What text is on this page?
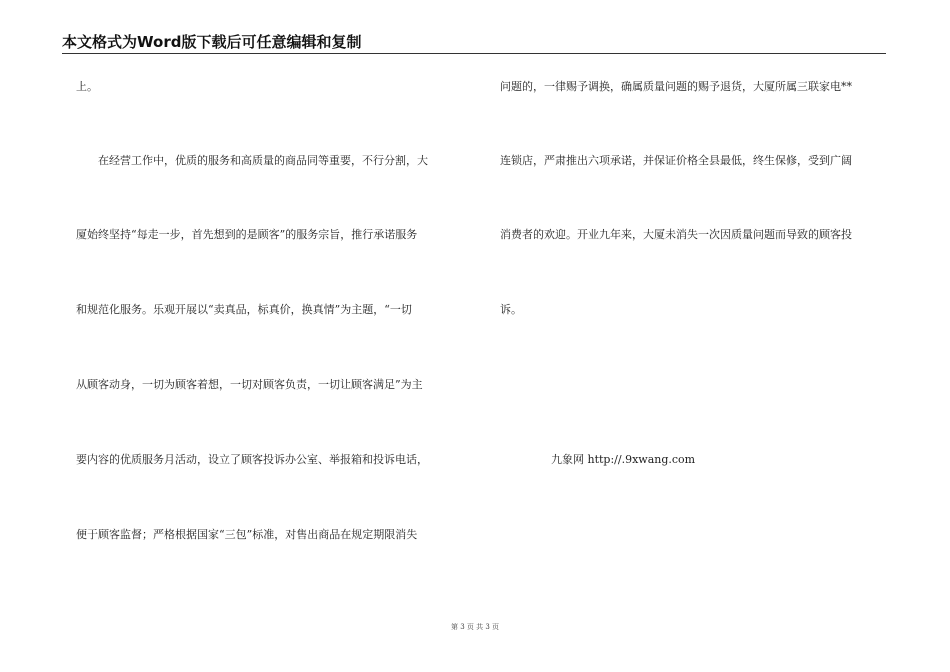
本文格式为Word版下载后可任意编辑和复制
上。
在经营工作中，优质的服务和高质量的商品同等重要，不行分割，大
厦始终坚持“每走一步，首先想到的是顾客”的服务宗旨，推行承诺服务
和规范化服务。乐观开展以“卖真品，标真价，换真情”为主题，“一切
从顾客动身，一切为顾客着想，一切对顾客负责，一切让顾客满足”为主
要内容的优质服务月活动，设立了顾客投诉办公室、举报箱和投诉电话，
便于顾客监督；严格根据国家“三包”标准，对售出商品在规定期限消失
问题的，一律赐予调换，确属质量问题的赐予退货，大厦所属三联家电**
连锁店，严肃推出六项承诺，并保证价格全县最低，终生保修，受到广阔
消费者的欢迎。开业九年来，大厦未消失一次因质量问题而导致的顾客投
诉。
九象网 http://.9xwang.com
第 3 页 共 3 页
